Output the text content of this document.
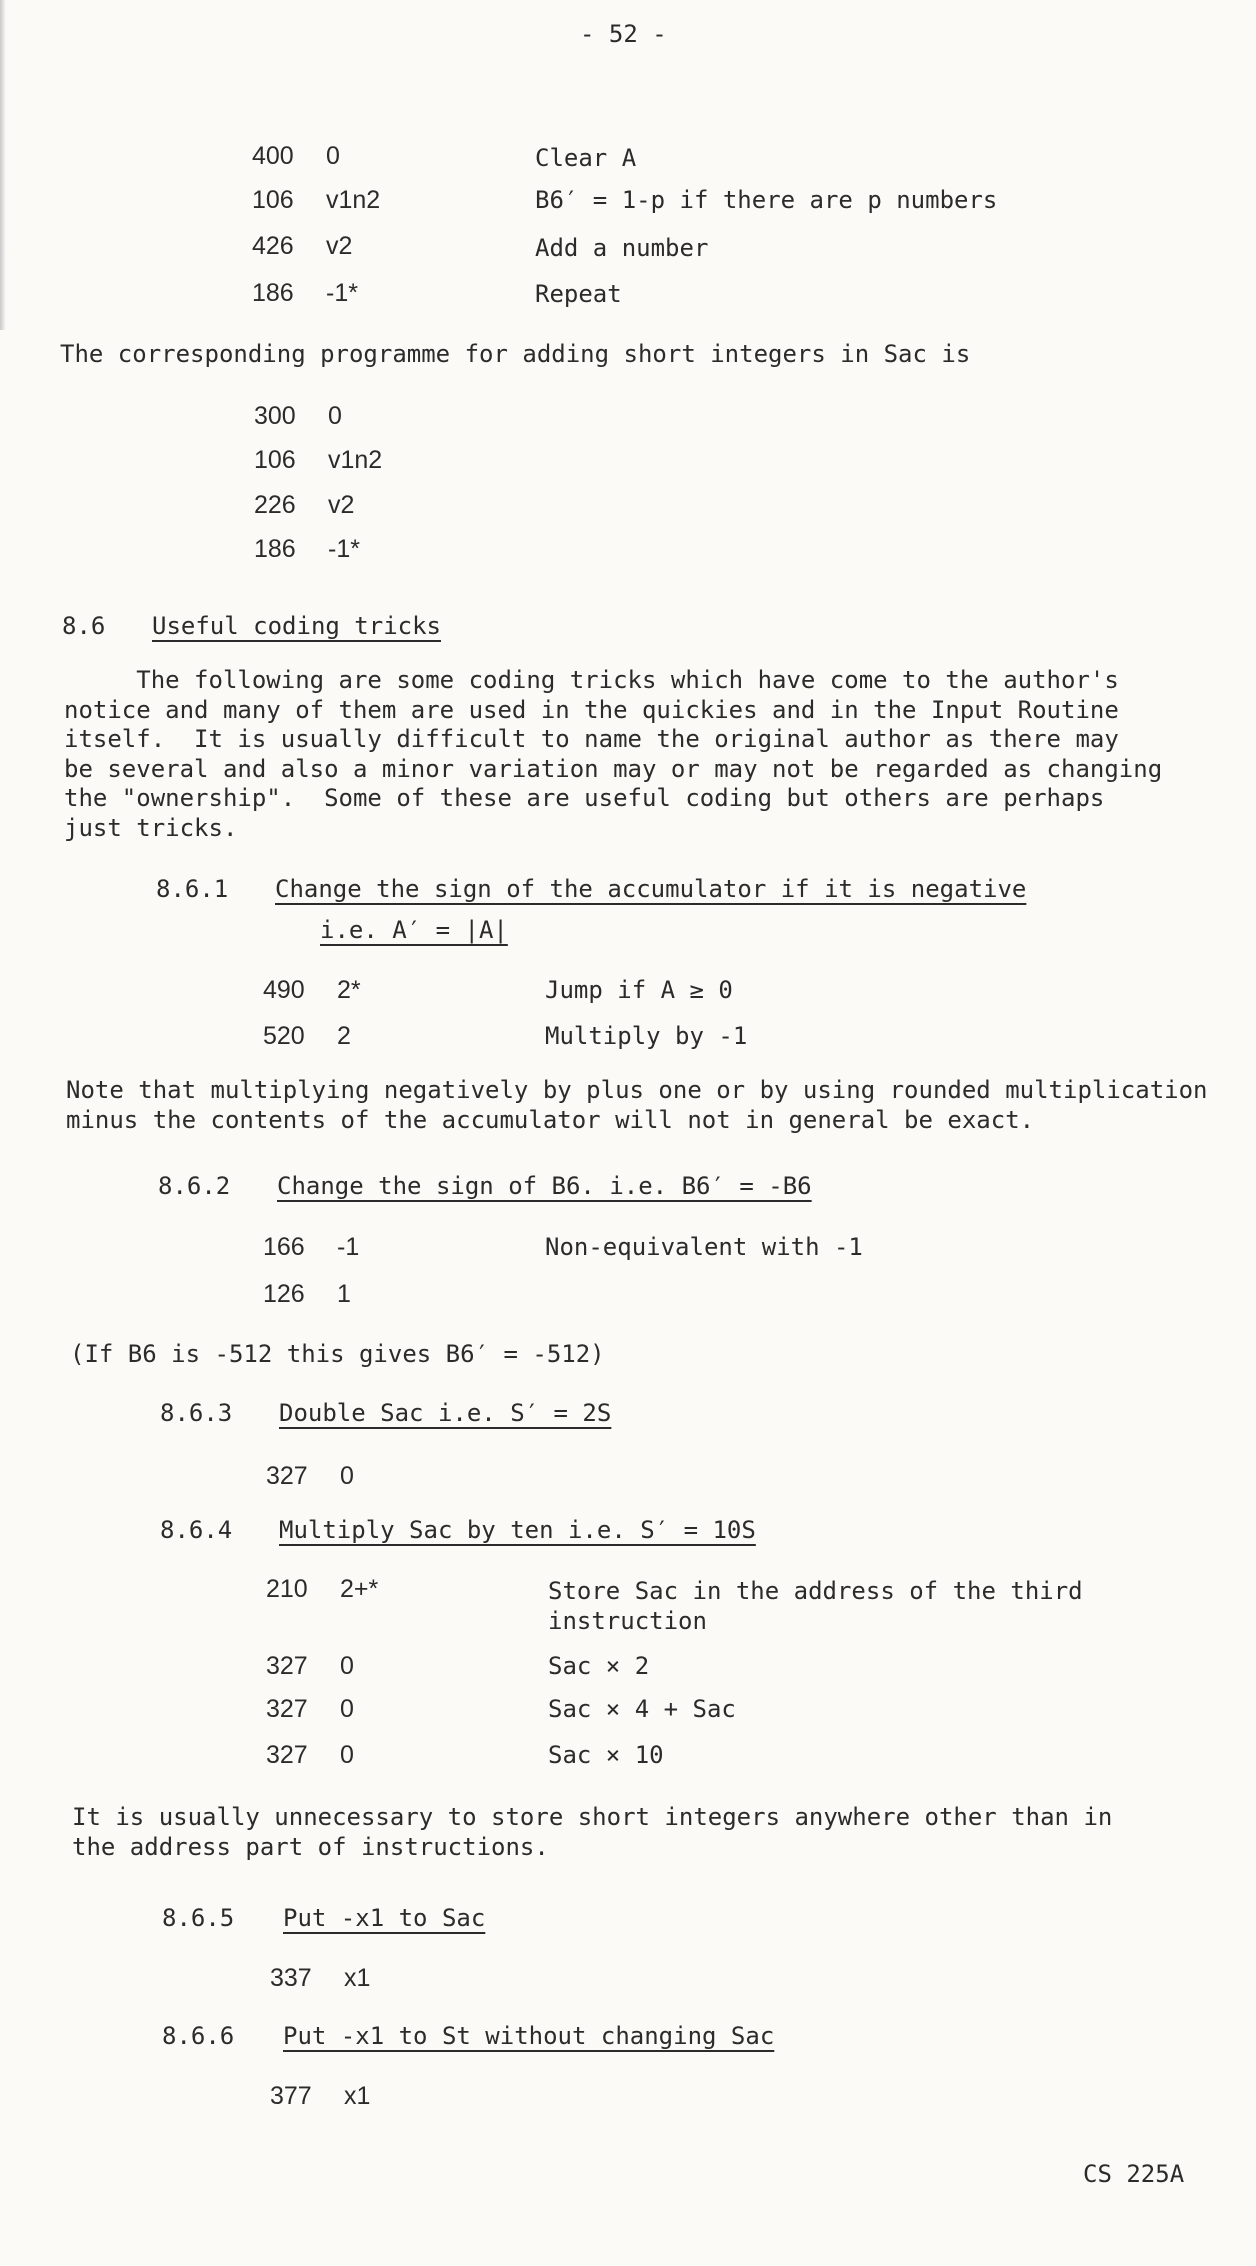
- 52 -
400 0	Clear A
106 v1n2	B6′ = 1-p if there are p numbers
426 v2	Add a number
186 -1*	Repeat
The corresponding programme for adding short integers in Sac is
300 0
106 v1n2
226 v2
186 -1*
8.6 Useful coding tricks
The following are some coding tricks which have come to the author's
notice and many of them are used in the quickies and in the Input Routine
itself.  It is usually difficult to name the original author as there may
be several and also a minor variation may or may not be regarded as changing
the "ownership".  Some of these are useful coding but others are perhaps
just tricks.
8.6.1 Change the sign of the accumulator if it is negative
i.e. A′ = |A|
490 2*	Jump if A ≥ 0
520 2	Multiply by -1
Note that multiplying negatively by plus one or by using rounded multiplication
minus the contents of the accumulator will not in general be exact.
8.6.2 Change the sign of B6. i.e. B6′ = -B6
166 -1	Non-equivalent with -1
126 1
(If B6 is -512 this gives B6′ = -512)
8.6.3 Double Sac i.e. S′ = 2S
327 0
8.6.4 Multiply Sac by ten i.e. S′ = 10S
210 2+*	Store Sac in the address of the third
instruction
327 0	Sac × 2
327 0	Sac × 4 + Sac
327 0	Sac × 10
It is usually unnecessary to store short integers anywhere other than in
the address part of instructions.
8.6.5 Put -x1 to Sac
337 x1
8.6.6 Put -x1 to St without changing Sac
377 x1
CS 225A
